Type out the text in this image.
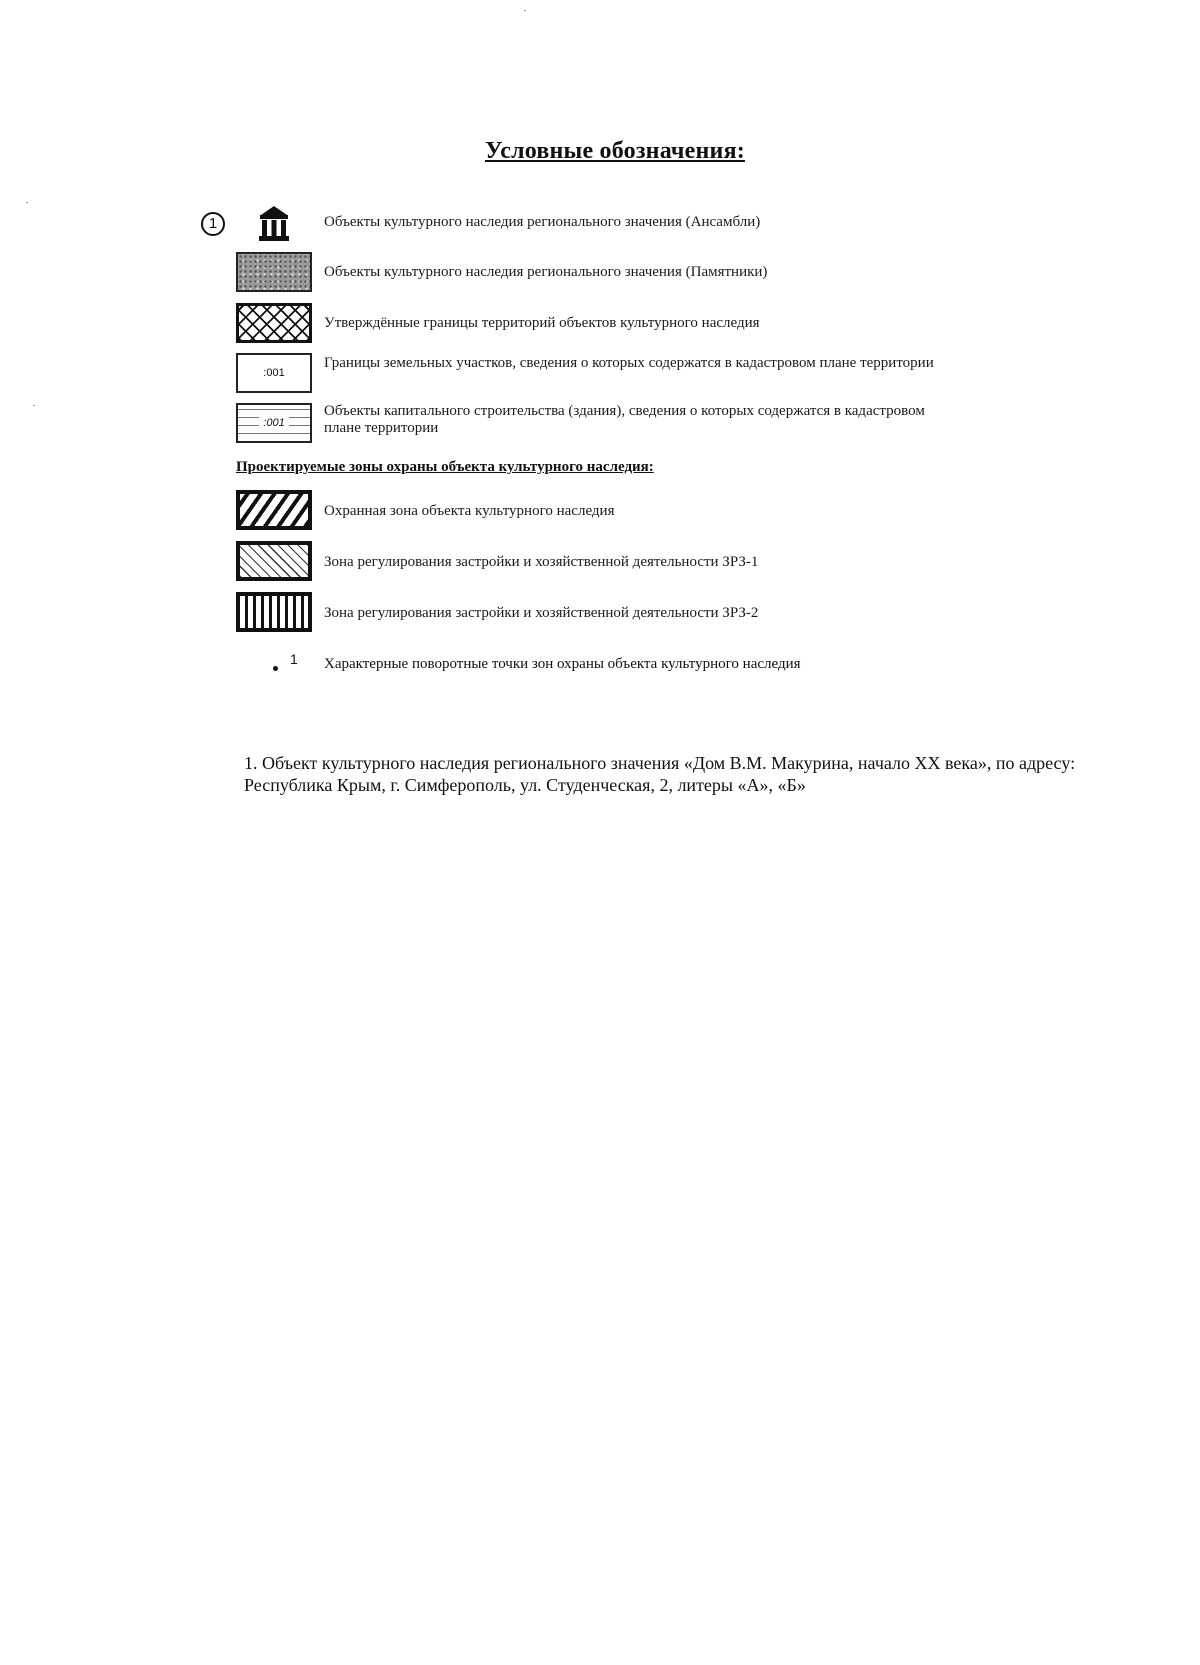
Условные обозначения:
1	Объекты культурного наследия регионального значения (Ансамбли)
Объекты культурного наследия регионального значения (Памятники)
Утверждённые границы территорий объектов культурного наследия
:001
Границы земельных участков, сведения о которых содержатся в кадастровом плане территории
:001
Объекты капитального строительства (здания), сведения о которых содержатся в кадастровом плане территории
Проектируемые зоны охраны объекта культурного наследия:
Охранная зона объекта культурного наследия
Зона регулирования застройки и хозяйственной деятельности ЗРЗ-1
Зона регулирования застройки и хозяйственной деятельности ЗРЗ-2
1 Характерные поворотные точки зон охраны объекта культурного наследия
1. Объект культурного наследия регионального значения «Дом В.М. Макурина, начало XX века», по адресу: Республика Крым, г. Симферополь, ул. Студенческая, 2, литеры «А», «Б»
